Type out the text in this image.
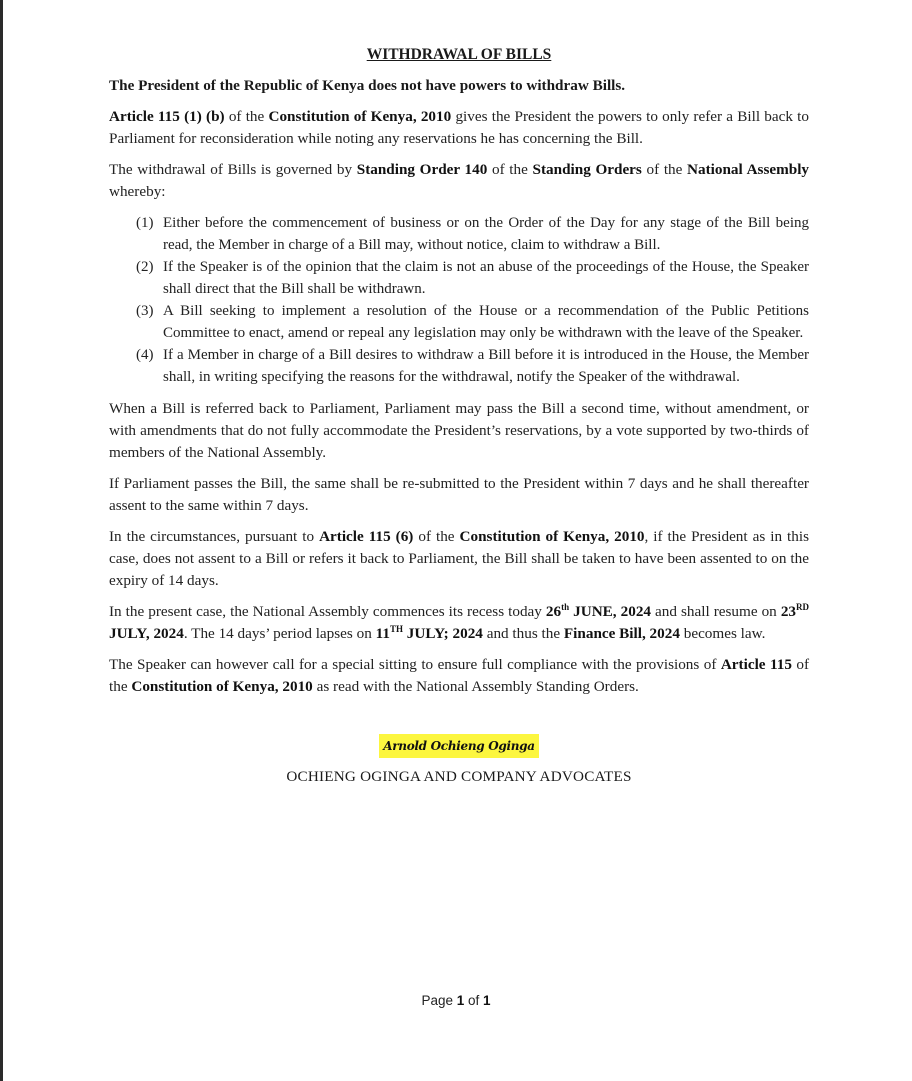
WITHDRAWAL OF BILLS
The President of the Republic of Kenya does not have powers to withdraw Bills.

Article 115 (1) (b) of the Constitution of Kenya, 2010 gives the President the powers to only refer a Bill back to Parliament for reconsideration while noting any reservations he has concerning the Bill.

The withdrawal of Bills is governed by Standing Order 140 of the Standing Orders of the National Assembly whereby:

(1) Either before the commencement of business or on the Order of the Day for any stage of the Bill being read, the Member in charge of a Bill may, without notice, claim to withdraw a Bill.
(2) If the Speaker is of the opinion that the claim is not an abuse of the proceedings of the House, the Speaker shall direct that the Bill shall be withdrawn.
(3) A Bill seeking to implement a resolution of the House or a recommendation of the Public Petitions Committee to enact, amend or repeal any legislation may only be withdrawn with the leave of the Speaker.
(4) If a Member in charge of a Bill desires to withdraw a Bill before it is introduced in the House, the Member shall, in writing specifying the reasons for the withdrawal, notify the Speaker of the withdrawal.

When a Bill is referred back to Parliament, Parliament may pass the Bill a second time, without amendment, or with amendments that do not fully accommodate the President’s reservations, by a vote supported by two-thirds of members of the National Assembly.

If Parliament passes the Bill, the same shall be re-submitted to the President within 7 days and he shall thereafter assent to the same within 7 days.

In the circumstances, pursuant to Article 115 (6) of the Constitution of Kenya, 2010, if the President as in this case, does not assent to a Bill or refers it back to Parliament, the Bill shall be taken to have been assented to on the expiry of 14 days.

In the present case, the National Assembly commences its recess today 26th JUNE, 2024 and shall resume on 23RD JULY, 2024. The 14 days’ period lapses on 11TH JULY; 2024 and thus the Finance Bill, 2024 becomes law.

The Speaker can however call for a special sitting to ensure full compliance with the provisions of Article 115 of the Constitution of Kenya, 2010 as read with the National Assembly Standing Orders.

Arnold Ochieng Oginga
OCHIENG OGINGA AND COMPANY ADVOCATES
Page 1 of 1
